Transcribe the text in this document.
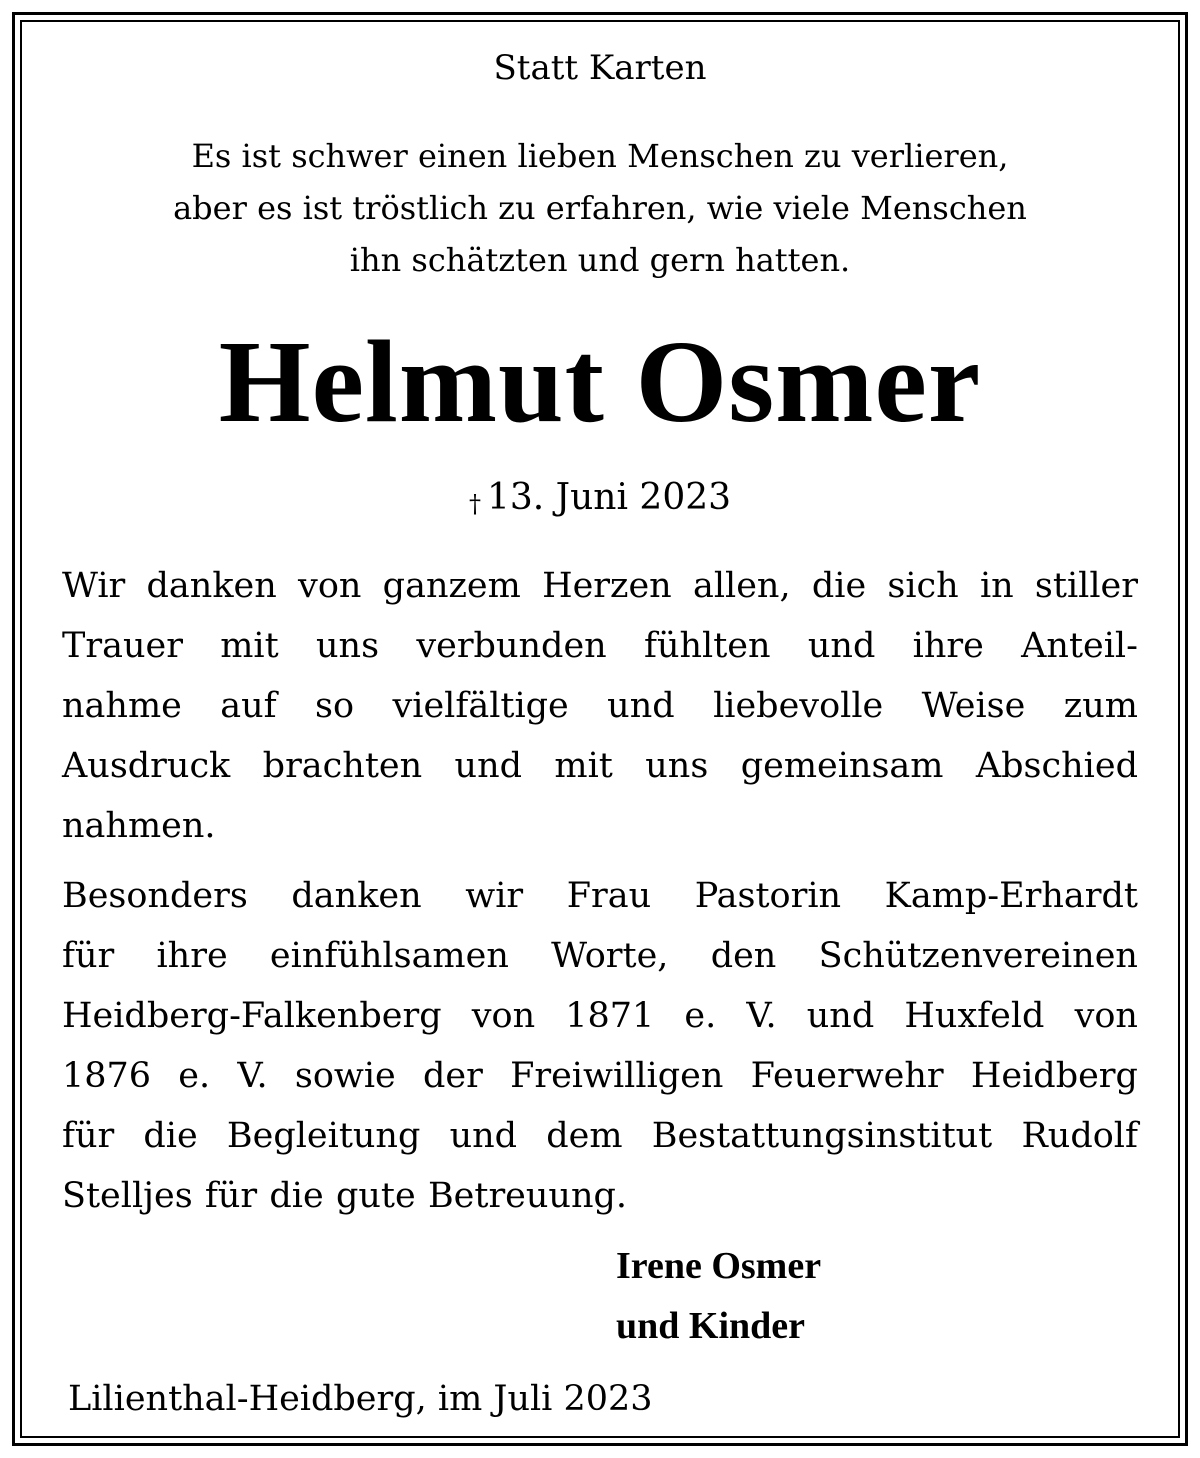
Statt Karten
Es ist schwer einen lieben Menschen zu verlieren,
aber es ist tröstlich zu erfahren, wie viele Menschen
ihn schätzten und gern hatten.
Helmut Osmer
† 13. Juni 2023
Wir danken von ganzem Herzen allen, die sich in stiller
Trauer mit uns verbunden fühlten und ihre Anteil-
nahme auf so vielfältige und liebevolle Weise zum
Ausdruck brachten und mit uns gemeinsam Abschied
nahmen.
Besonders danken wir Frau Pastorin Kamp-Erhardt
für ihre einfühlsamen Worte, den Schützenvereinen
Heidberg-Falkenberg von 1871 e. V. und Huxfeld von
1876 e. V. sowie der Freiwilligen Feuerwehr Heidberg
für die Begleitung und dem Bestattungsinstitut Rudolf
Stelljes für die gute Betreuung.
Irene Osmer
und Kinder
Lilienthal-Heidberg, im Juli 2023
